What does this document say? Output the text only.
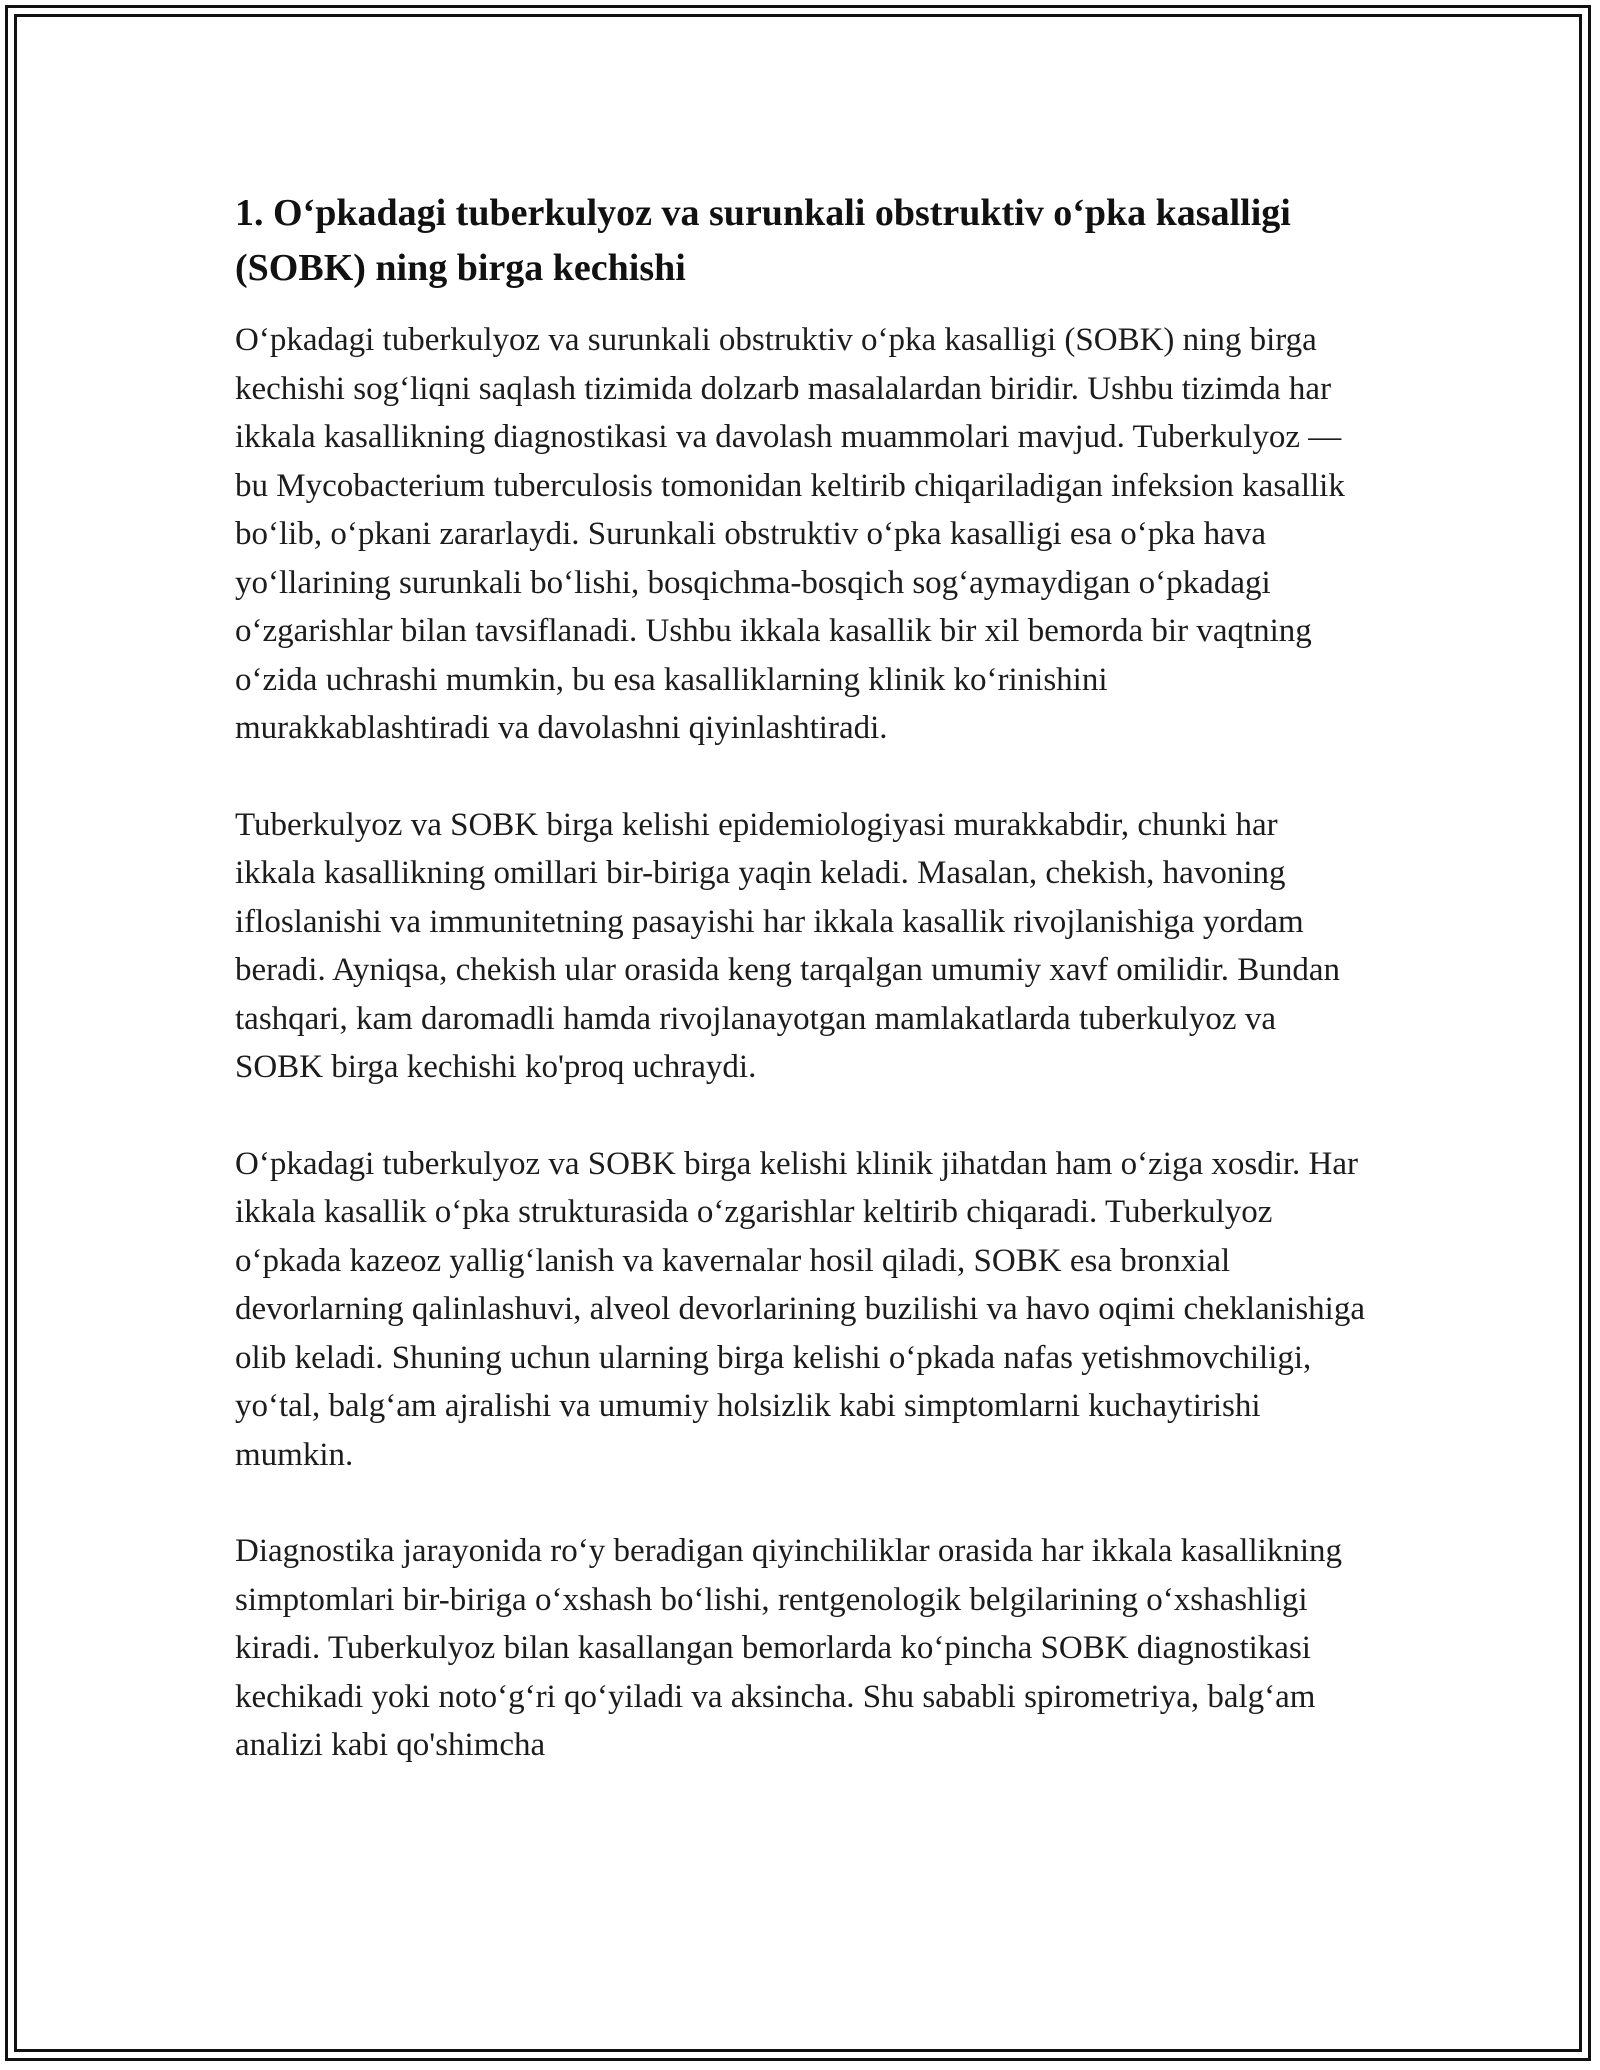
1. O‘pkadagi tuberkulyoz va surunkali obstruktiv o‘pka kasalligi (SOBK) ning birga kechishi

O‘pkadagi tuberkulyoz va surunkali obstruktiv o‘pka kasalligi (SOBK) ning birga kechishi sog‘liqni saqlash tizimida dolzarb masalalardan biridir. Ushbu tizimda har ikkala kasallikning diagnostikasi va davolash muammolari mavjud. Tuberkulyoz — bu Mycobacterium tuberculosis tomonidan keltirib chiqariladigan infeksion kasallik bo‘lib, o‘pkani zararlaydi. Surunkali obstruktiv o‘pka kasalligi esa o‘pka hava yo‘llarining surunkali bo‘lishi, bosqichma-bosqich sog‘aymaydigan o‘pkadagi o‘zgarishlar bilan tavsiflanadi. Ushbu ikkala kasallik bir xil bemorda bir vaqtning o‘zida uchrashi mumkin, bu esa kasalliklarning klinik ko‘rinishini murakkablashtiradi va davolashni qiyinlashtiradi.

Tuberkulyoz va SOBK birga kelishi epidemiologiyasi murakkabdir, chunki har ikkala kasallikning omillari bir-biriga yaqin keladi. Masalan, chekish, havoning ifloslanishi va immunitetning pasayishi har ikkala kasallik rivojlanishiga yordam beradi. Ayniqsa, chekish ular orasida keng tarqalgan umumiy xavf omilidir. Bundan tashqari, kam daromadli hamda rivojlanayotgan mamlakatlarda tuberkulyoz va SOBK birga kechishi ko'proq uchraydi.

O‘pkadagi tuberkulyoz va SOBK birga kelishi klinik jihatdan ham o‘ziga xosdir. Har ikkala kasallik o‘pka strukturasida o‘zgarishlar keltirib chiqaradi. Tuberkulyoz o‘pkada kazeoz yallig‘lanish va kavernalar hosil qiladi, SOBK esa bronxial devorlarning qalinlashuvi, alveol devorlarining buzilishi va havo oqimi cheklanishiga olib keladi. Shuning uchun ularning birga kelishi o‘pkada nafas yetishmovchiligi, yo‘tal, balg‘am ajralishi va umumiy holsizlik kabi simptomlarni kuchaytirishi mumkin.

Diagnostika jarayonida ro‘y beradigan qiyinchiliklar orasida har ikkala kasallikning simptomlari bir-biriga o‘xshash bo‘lishi, rentgenologik belgilarining o‘xshashligi kiradi. Tuberkulyoz bilan kasallangan bemorlarda ko‘pincha SOBK diagnostikasi kechikadi yoki noto‘g‘ri qo‘yiladi va aksincha. Shu sababli spirometriya, balg‘am analizi kabi qo'shimcha
